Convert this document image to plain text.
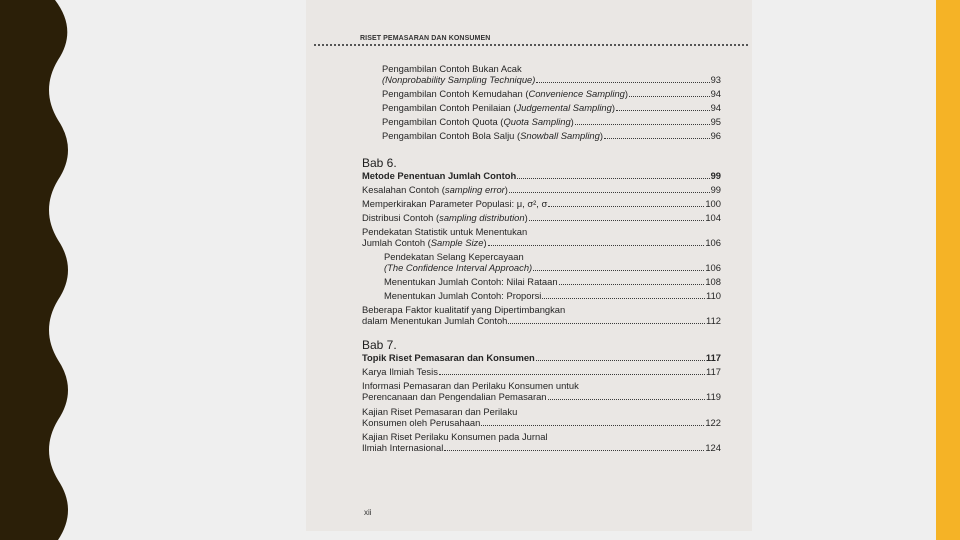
RISET PEMASARAN DAN KONSUMEN
Pengambilan Contoh Bukan Acak
(Nonprobability Sampling Technique)	93
Pengambilan Contoh Kemudahan (Convenience Sampling)	94
Pengambilan Contoh Penilaian (Judgemental Sampling)	94
Pengambilan Contoh Quota (Quota Sampling)	95
Pengambilan Contoh Bola Salju (Snowball Sampling)	96
Bab 6.
Metode Penentuan Jumlah Contoh	99
Kesalahan Contoh (sampling error)	99
Memperkirakan Parameter Populasi: μ, σ², σ	100
Distribusi Contoh (sampling distribution)	104
Pendekatan Statistik untuk Menentukan
Jumlah Contoh (Sample Size)	106
Pendekatan Selang Kepercayaan
(The Confidence Interval Approach)	106
Menentukan Jumlah Contoh: Nilai Rataan	108
Menentukan Jumlah Contoh: Proporsi	110
Beberapa Faktor kualitatif yang Dipertimbangkan
dalam Menentukan Jumlah Contoh	112
Bab 7.
Topik Riset Pemasaran dan Konsumen	117
Karya Ilmiah Tesis	117
Informasi Pemasaran dan Perilaku Konsumen untuk
Perencanaan dan Pengendalian Pemasaran	119
Kajian Riset Pemasaran dan Perilaku
Konsumen oleh Perusahaan	122
Kajian Riset Perilaku Konsumen pada Jurnal
Ilmiah Internasional	124
xii
